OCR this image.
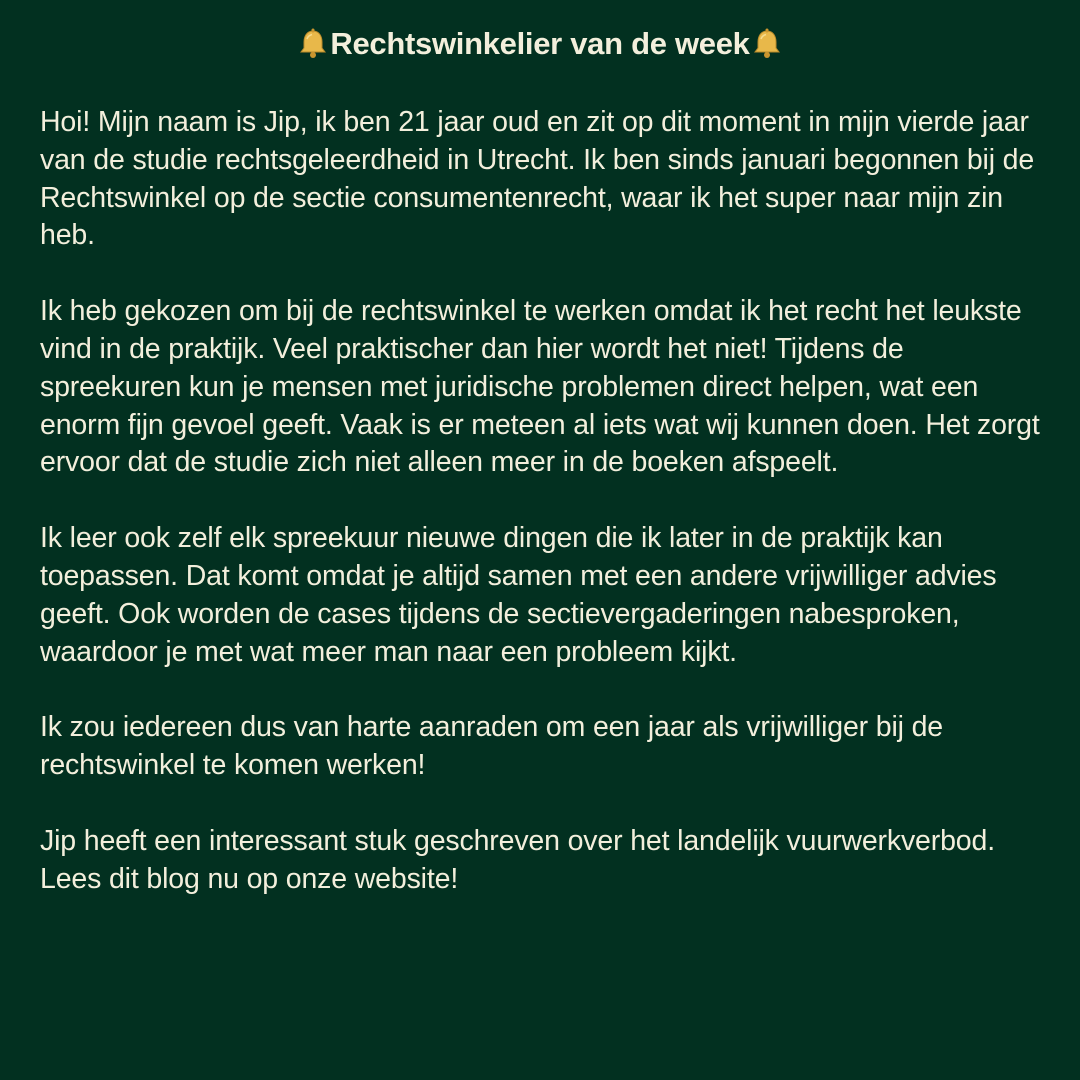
Rechtswinkelier van de week

Hoi! Mijn naam is Jip, ik ben 21 jaar oud en zit op dit moment in mijn vierde jaar van de studie rechtsgeleerdheid in Utrecht. Ik ben sinds januari begonnen bij de Rechtswinkel op de sectie consumentenrecht, waar ik het super naar mijn zin heb.

Ik heb gekozen om bij de rechtswinkel te werken omdat ik het recht het leukste vind in de praktijk. Veel praktischer dan hier wordt het niet! Tijdens de spreekuren kun je mensen met juridische problemen direct helpen, wat een enorm fijn gevoel geeft. Vaak is er meteen al iets wat wij kunnen doen. Het zorgt ervoor dat de studie zich niet alleen meer in de boeken afspeelt.

Ik leer ook zelf elk spreekuur nieuwe dingen die ik later in de praktijk kan toepassen. Dat komt omdat je altijd samen met een andere vrijwilliger advies geeft. Ook worden de cases tijdens de sectievergaderingen nabesproken, waardoor je met wat meer man naar een probleem kijkt.

Ik zou iedereen dus van harte aanraden om een jaar als vrijwilliger bij de rechtswinkel te komen werken!

Jip heeft een interessant stuk geschreven over het landelijk vuurwerkverbod. Lees dit blog nu op onze website!
